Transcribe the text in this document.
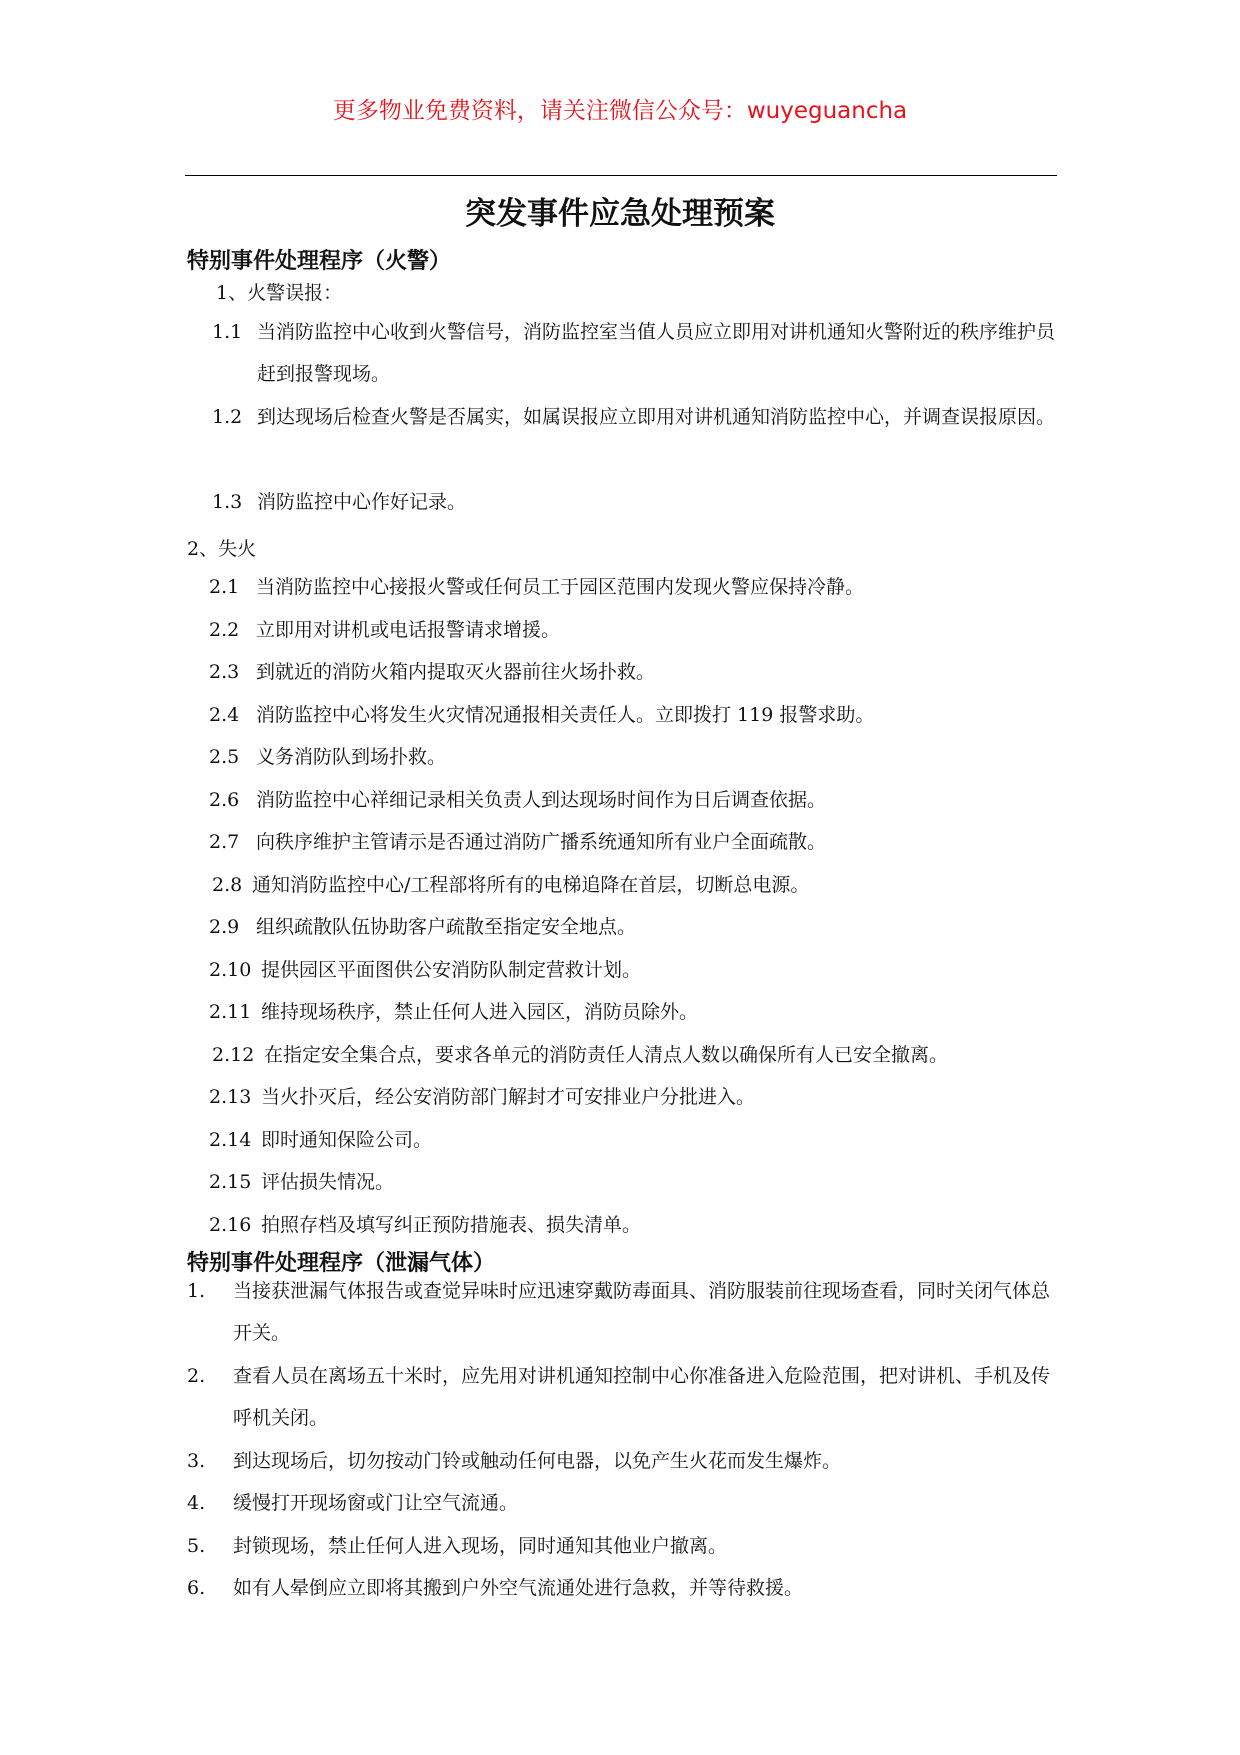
更多物业免费资料，请关注微信公众号：wuyeguancha
突发事件应急处理预案
特别事件处理程序（火警）
1、火警误报：
1.1 当消防监控中心收到火警信号，消防监控室当值人员应立即用对讲机通知火警附近的秩序维护员赶到报警现场。
1.2 到达现场后检查火警是否属实，如属误报应立即用对讲机通知消防监控中心，并调查误报原因。
1.3 消防监控中心作好记录。
2、失火
2.1 当消防监控中心接报火警或任何员工于园区范围内发现火警应保持冷静。
2.2 立即用对讲机或电话报警请求增援。
2.3 到就近的消防火箱内提取灭火器前往火场扑救。
2.4 消防监控中心将发生火灾情况通报相关责任人。立即拨打 119 报警求助。
2.5 义务消防队到场扑救。
2.6 消防监控中心祥细记录相关负责人到达现场时间作为日后调查依据。
2.7 向秩序维护主管请示是否通过消防广播系统通知所有业户全面疏散。
2.8 通知消防监控中心/工程部将所有的电梯追降在首层，切断总电源。
2.9 组织疏散队伍协助客户疏散至指定安全地点。
2.10 提供园区平面图供公安消防队制定营救计划。
2.11 维持现场秩序，禁止任何人进入园区，消防员除外。
2.12 在指定安全集合点，要求各单元的消防责任人清点人数以确保所有人已安全撤离。
2.13 当火扑灭后，经公安消防部门解封才可安排业户分批进入。
2.14 即时通知保险公司。
2.15 评估损失情况。
2.16 拍照存档及填写纠正预防措施表、损失清单。
特别事件处理程序（泄漏气体）
1.	当接获泄漏气体报告或查觉异味时应迅速穿戴防毒面具、消防服装前往现场查看，同时关闭气体总开关。
2.	查看人员在离场五十米时，应先用对讲机通知控制中心你准备进入危险范围，把对讲机、手机及传呼机关闭。
3.	到达现场后，切勿按动门铃或触动任何电器，以免产生火花而发生爆炸。
4.	缓慢打开现场窗或门让空气流通。
5.	封锁现场，禁止任何人进入现场，同时通知其他业户撤离。
6.	如有人晕倒应立即将其搬到户外空气流通处进行急救，并等待救援。
